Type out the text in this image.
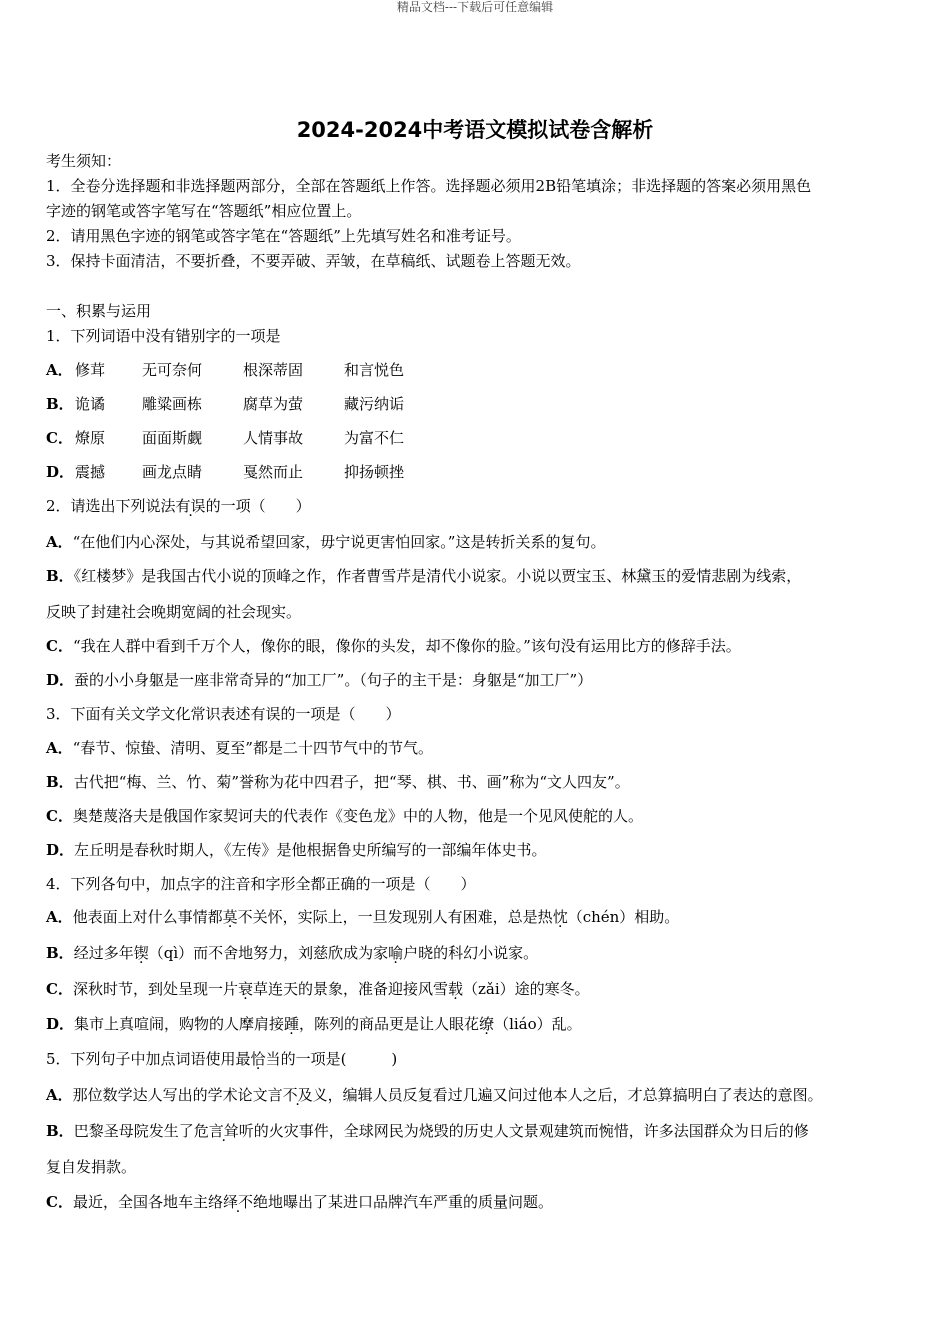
精品文档---下载后可任意编辑
2024-2024中考语文模拟试卷含解析
考生须知：
1．全卷分选择题和非选择题两部分，全部在答题纸上作答。选择题必须用2B铅笔填涂；非选择题的答案必须用黑色
字迹的钢笔或答字笔写在“答题纸”相应位置上。
2．请用黑色字迹的钢笔或答字笔在“答题纸”上先填写姓名和准考证号。
3．保持卡面清洁，不要折叠，不要弄破、弄皱，在草稿纸、试题卷上答题无效。
一、积累与运用
1．下列词语中没有错别字的一项是
A． 修茸 无可奈何	根深蒂固	和言悦色
B．诡谲 雕粱画栋	腐草为萤	藏污纳诟
C． 燎原 面面斯觑	人情事故	为富不仁
D．震撼 画龙点睛	戛然而止	抑扬顿挫
2．请选出下列说法有误的一项（　　）
A．“在他们内心深处，与其说希望回家，毋宁说更害怕回家。”这是转折关系的复句。
B．《红楼梦》是我国古代小说的顶峰之作，作者曹雪芹是清代小说家。小说以贾宝玉、林黛玉的爱情悲剧为线索，
反映了封建社会晚期宽阔的社会现实。
C．“我在人群中看到千万个人，像你的眼，像你的头发，却不像你的脸。”该句没有运用比方的修辞手法。
D．蚕的小小身躯是一座非常奇异的“加工厂”。（句子的主干是：身躯是“加工厂”）
3．下面有关文学文化常识表述有误的一项是（　　）
A．“春节、惊蛰、清明、夏至”都是二十四节气中的节气。
B．古代把“梅、兰、竹、菊”誉称为花中四君子，把“琴、棋、书、画”称为“文人四友”。
C．奥楚蔑洛夫是俄国作家契诃夫的代表作《变色龙》中的人物，他是一个见风使舵的人。
D．左丘明是春秋时期人，《左传》是他根据鲁史所编写的一部编年体史书。
4．下列各句中，加点字的注音和字形全都正确的一项是（　　）
A．他表面上对什么事情都莫不关怀，实际上，一旦发现别人有困难，总是热忱（chén）相助。
B．经过多年锲（qì）而不舍地努力，刘慈欣成为家喻户晓的科幻小说家。
C．深秋时节，到处呈现一片衰草连天的景象，准备迎接风雪载（zǎi）途的寒冬。
D．集市上真喧闹，购物的人摩肩接踵，陈列的商品更是让人眼花缭（liáo）乱。
5．下列句子中加点词语使用最恰当的一项是(　　　)
A．那位数学达人写出的学术论文言不及义，编辑人员反复看过几遍又问过他本人之后，才总算搞明白了表达的意图。
B．巴黎圣母院发生了危言耸听的火灾事件，全球网民为烧毁的历史人文景观建筑而惋惜，许多法国群众为日后的修
复自发捐款。
C．最近，全国各地车主络绎不绝地曝出了某进口品牌汽车严重的质量问题。
